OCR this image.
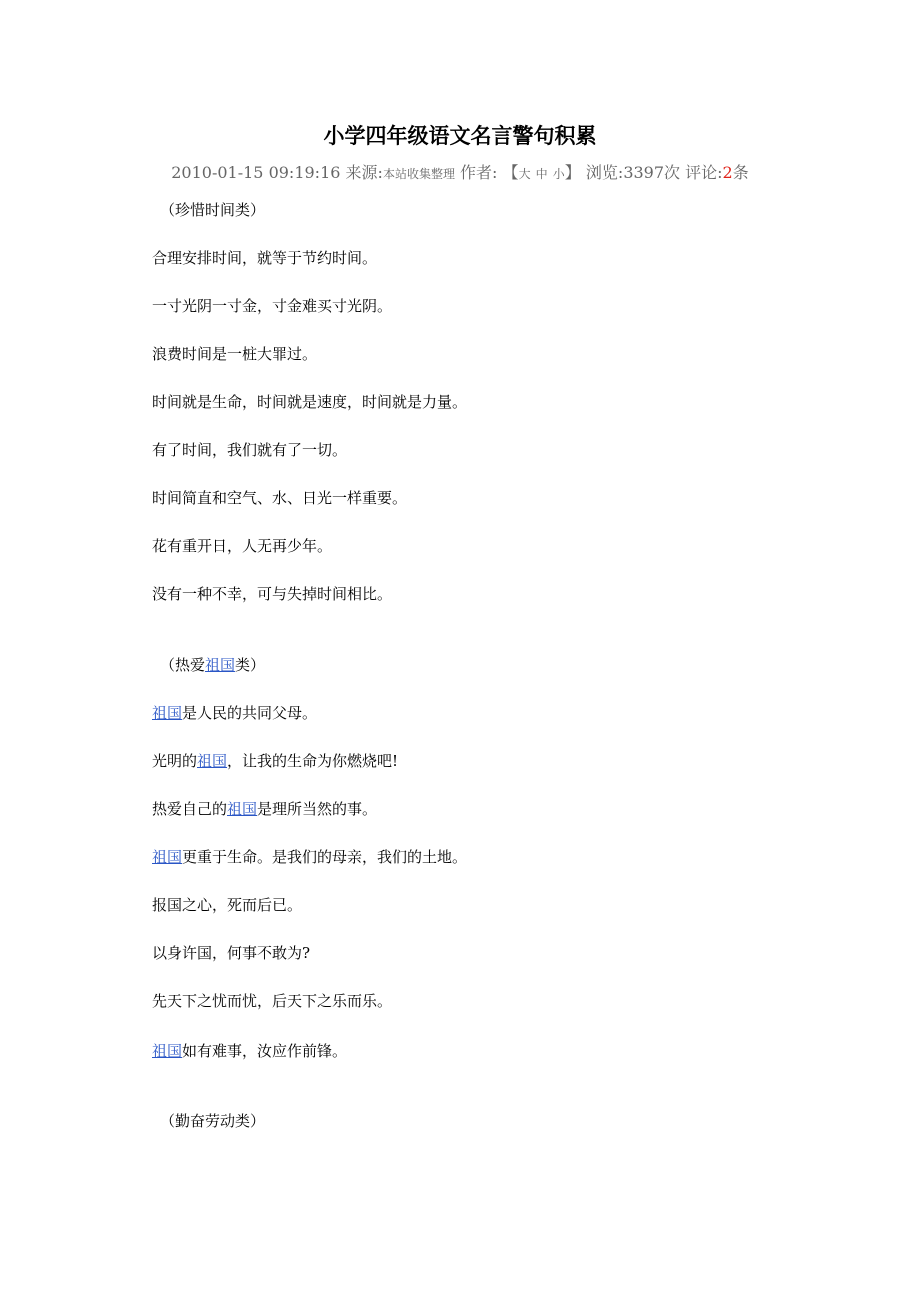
小学四年级语文名言警句积累
2010-01-15 09:19:16 来源:本站收集整理 作者: 【大 中 小】 浏览:3397次 评论:2条
（珍惜时间类）
合理安排时间，就等于节约时间。
一寸光阴一寸金，寸金难买寸光阴。
浪费时间是一桩大罪过。
时间就是生命，时间就是速度，时间就是力量。
有了时间，我们就有了一切。
时间简直和空气、水、日光一样重要。
花有重开日，人无再少年。
没有一种不幸，可与失掉时间相比。
（热爱祖国类）
祖国是人民的共同父母。
光明的祖国，让我的生命为你燃烧吧!
热爱自己的祖国是理所当然的事。
祖国更重于生命。是我们的母亲，我们的土地。
报国之心，死而后已。
以身许国，何事不敢为?
先天下之忧而忧，后天下之乐而乐。
祖国如有难事，汝应作前锋。
（勤奋劳动类）
